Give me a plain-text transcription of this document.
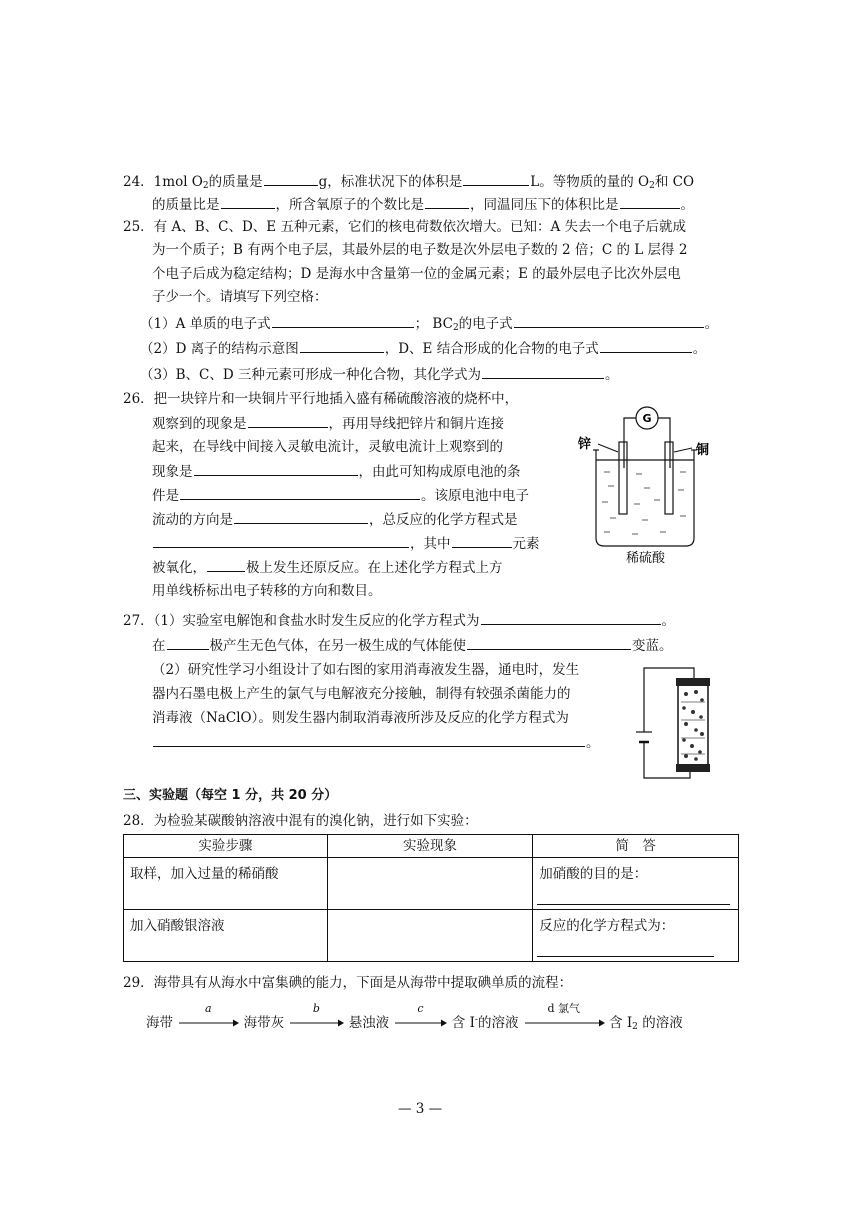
24．1mol $O_2$的质量是	g，标准状况下的体积是	L。等物质的量的 $O_2$和 CO
的质量比是	，所含氧原子的个数比是	，同温同压下的体积比是	。
25．有 A、B、C、D、E 五种元素，它们的核电荷数依次增大。已知：A 失去一个电子后就成
为一个质子；B 有两个电子层，其最外层的电子数是次外层电子数的 2 倍；C 的 L 层得 2
个电子后成为稳定结构；D 是海水中含量第一位的金属元素；E 的最外层电子比次外层电
子少一个。请填写下列空格：
（1）A 单质的电子式	； $BC_2$的电子式	。
（2）D 离子的结构示意图	，D、E 结合形成的化合物的电子式	。
（3）B、C、D 三种元素可形成一种化合物，其化学式为	。
26．把一块锌片和一块铜片平行地插入盛有稀硫酸溶液的烧杯中，
观察到的现象是	，再用导线把锌片和铜片连接
起来，在导线中间接入灵敏电流计，灵敏电流计上观察到的
现象是	，由此可知构成原电池的条
件是	。该原电池中电子
流动的方向是	，总反应的化学方程式是
，其中	元素
被氧化，	极上发生还原反应。在上述化学方程式上方
用单线桥标出电子转移的方向和数目。
G
锌	铜
稀硫酸
27．（1）实验室电解饱和食盐水时发生反应的化学方程式为	。
在	极产生无色气体，在另一极生成的气体能使	变蓝。
（2）研究性学习小组设计了如右图的家用消毒液发生器，通电时，发生
器内石墨电极上产生的氯气与电解液充分接触，制得有较强杀菌能力的
消毒液（NaClO）。则发生器内制取消毒液所涉及反应的化学方程式为
。
三、实验题（每空 1 分，共 20 分）
28．为检验某碳酸钠溶液中混有的溴化钠，进行如下实验：
实验步骤	实验现象	简　答

取样，加入过量的稀硝酸		加硝酸的目的是：

加入硝酸银溶液		反应的化学方程式为：
29．海带具有从海水中富集碘的能力，下面是从海带中提取碘单质的流程：
海带
a
海带灰
b
悬浊液
c
含 I-的溶液
d 氯气
含 $I_2$ 的溶液
— 3 —
